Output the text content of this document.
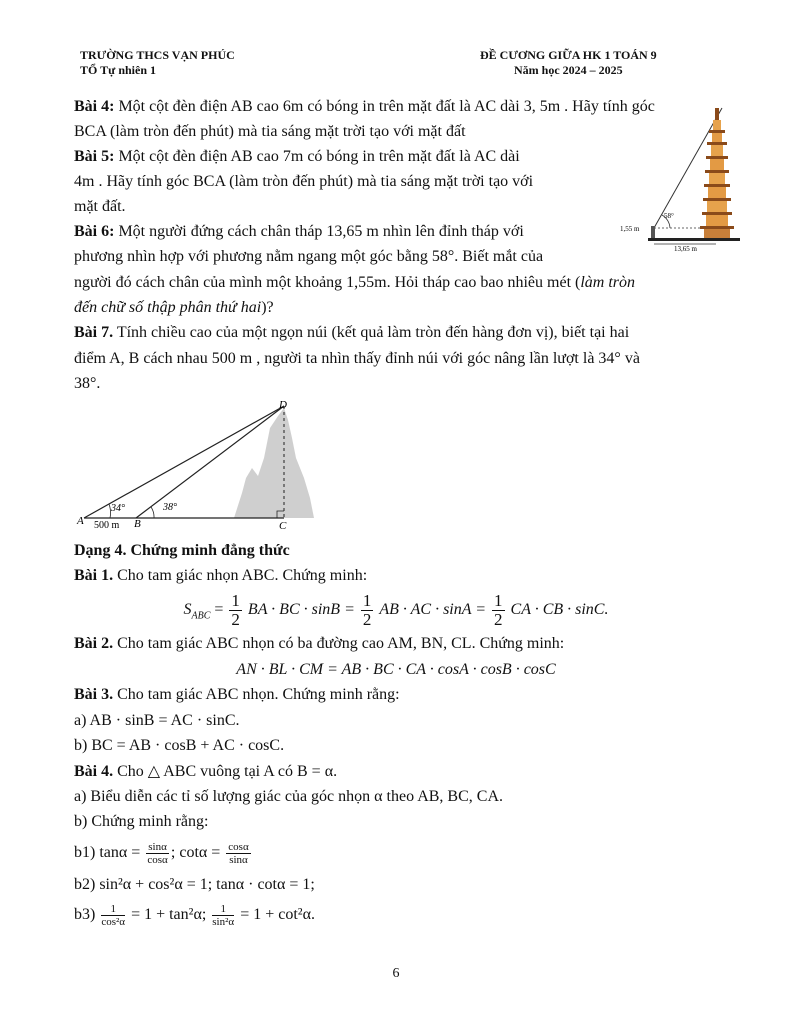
TRƯỜNG THCS VẠN PHÚC
TỔ Tự nhiên 1
ĐỀ CƯƠNG GIỮA HK 1 TOÁN 9
Năm học 2024 – 2025
Bài 4: Một cột đèn điện AB cao 6m có bóng in trên mặt đất là AC dài 3, 5m . Hãy tính góc
BCA (làm tròn đến phút) mà tia sáng mặt trời tạo với mặt đất
Bài 5: Một cột đèn điện AB cao 7m có bóng in trên mặt đất là AC dài
4m . Hãy tính góc BCA (làm tròn đến phút) mà tia sáng mặt trời tạo với
mặt đất.
Bài 6: Một người đứng cách chân tháp 13,65 m nhìn lên đỉnh tháp với
phương nhìn hợp với phương nằm ngang một góc bằng 58°. Biết mắt của
người đó cách chân của mình một khoảng 1,55m. Hỏi tháp cao bao nhiêu mét (làm tròn
đến chữ số thập phân thứ hai)?
58°
1,55 m
13,65 m
Bài 7. Tính chiều cao của một ngọn núi (kết quả làm tròn đến hàng đơn vị), biết tại hai
điểm A, B cách nhau 500 m , người ta nhìn thấy đỉnh núi với góc nâng lần lượt là 34° và
38°.
34°	38°
500 m
A	B	C
D
Dạng 4. Chứng minh đẳng thức
Bài 1. Cho tam giác nhọn ABC. Chứng minh:
$S_{ABC} = \frac{1}{2}$ BA · BC · $\sin B = \frac{1}{2}$ AB · AC · $\sin A = \frac{1}{2}$ CA · CB · sinC.
Bài 2. Cho tam giác ABC nhọn có ba đường cao AM, BN, CL. Chứng minh:
AN · BL · CM = AB · BC · CA · cosA · cosB · cosC
Bài 3. Cho tam giác ABC nhọn. Chứng minh rằng:
a) AB · sinB = AC · sinC.
b) BC = AB · cosB + AC · cosC.
Bài 4. Cho △ ABC vuông tại A có B = α.
a) Biểu diễn các tỉ số lượng giác của góc nhọn α theo AB, BC, CA.
b) Chứng minh rằng:
b1) $\tan\alpha = \frac{\sin\alpha}{\cos\alpha}$ ; $\cot\alpha = \frac{\cos\alpha}{\sin\alpha}$
b2) sin²α + cos²α = 1; tanα · cotα = 1;
$b3) \frac{1}{\text{cos²α}} = 1 + \tan^2\alpha$; $\frac{1}{\text{sin²α}} = 1 + \cot^2\alpha$.
6
